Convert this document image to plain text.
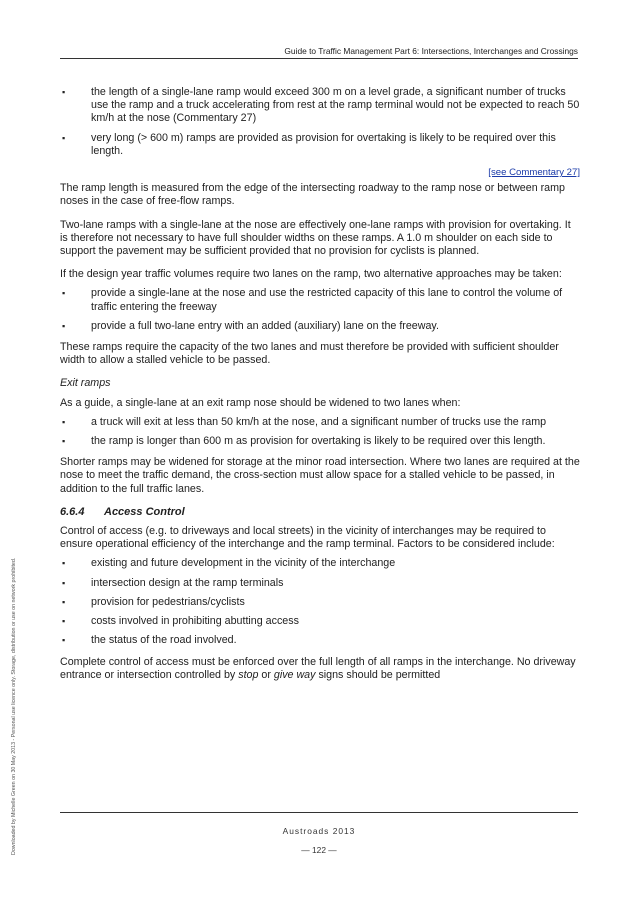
Guide to Traffic Management Part 6: Intersections, Interchanges and Crossings
▪ the length of a single-lane ramp would exceed 300 m on a level grade, a significant number of trucks use the ramp and a truck accelerating from rest at the ramp terminal would not be expected to reach 50 km/h at the nose (Commentary 27)
▪ very long (> 600 m) ramps are provided as provision for overtaking is likely to be required over this length.
[see Commentary 27]

The ramp length is measured from the edge of the intersecting roadway to the ramp nose or between ramp noses in the case of free-flow ramps.

Two-lane ramps with a single-lane at the nose are effectively one-lane ramps with provision for overtaking. It is therefore not necessary to have full shoulder widths on these ramps. A 1.0 m shoulder on each side to support the pavement may be sufficient provided that no provision for cyclists is planned.

If the design year traffic volumes require two lanes on the ramp, two alternative approaches may be taken:

▪ provide a single-lane at the nose and use the restricted capacity of this lane to control the volume of traffic entering the freeway
▪ provide a full two-lane entry with an added (auxiliary) lane on the freeway.

These ramps require the capacity of the two lanes and must therefore be provided with sufficient shoulder width to allow a stalled vehicle to be passed.

Exit ramps

As a guide, a single-lane at an exit ramp nose should be widened to two lanes when:

▪ a truck will exit at less than 50 km/h at the nose, and a significant number of trucks use the ramp
▪ the ramp is longer than 600 m as provision for overtaking is likely to be required over this length.

Shorter ramps may be widened for storage at the minor road intersection. Where two lanes are required at the nose to meet the traffic demand, the cross-section must allow space for a stalled vehicle to be passed, in addition to the full traffic lanes.

6.6.4 Access Control

Control of access (e.g. to driveways and local streets) in the vicinity of interchanges may be required to ensure operational efficiency of the interchange and the ramp terminal. Factors to be considered include:

▪ existing and future development in the vicinity of the interchange
▪ intersection design at the ramp terminals
▪ provision for pedestrians/cyclists
▪ costs involved in prohibiting abutting access
▪ the status of the road involved.

Complete control of access must be enforced over the full length of all ramps in the interchange. No driveway entrance or intersection controlled by stop or give way signs should be permitted

Downloaded by Michelle Green on 30 May 2013 - Personal use licence only. Storage, distribution or use on network prohibited.	Austroads 2013
— 122 —
